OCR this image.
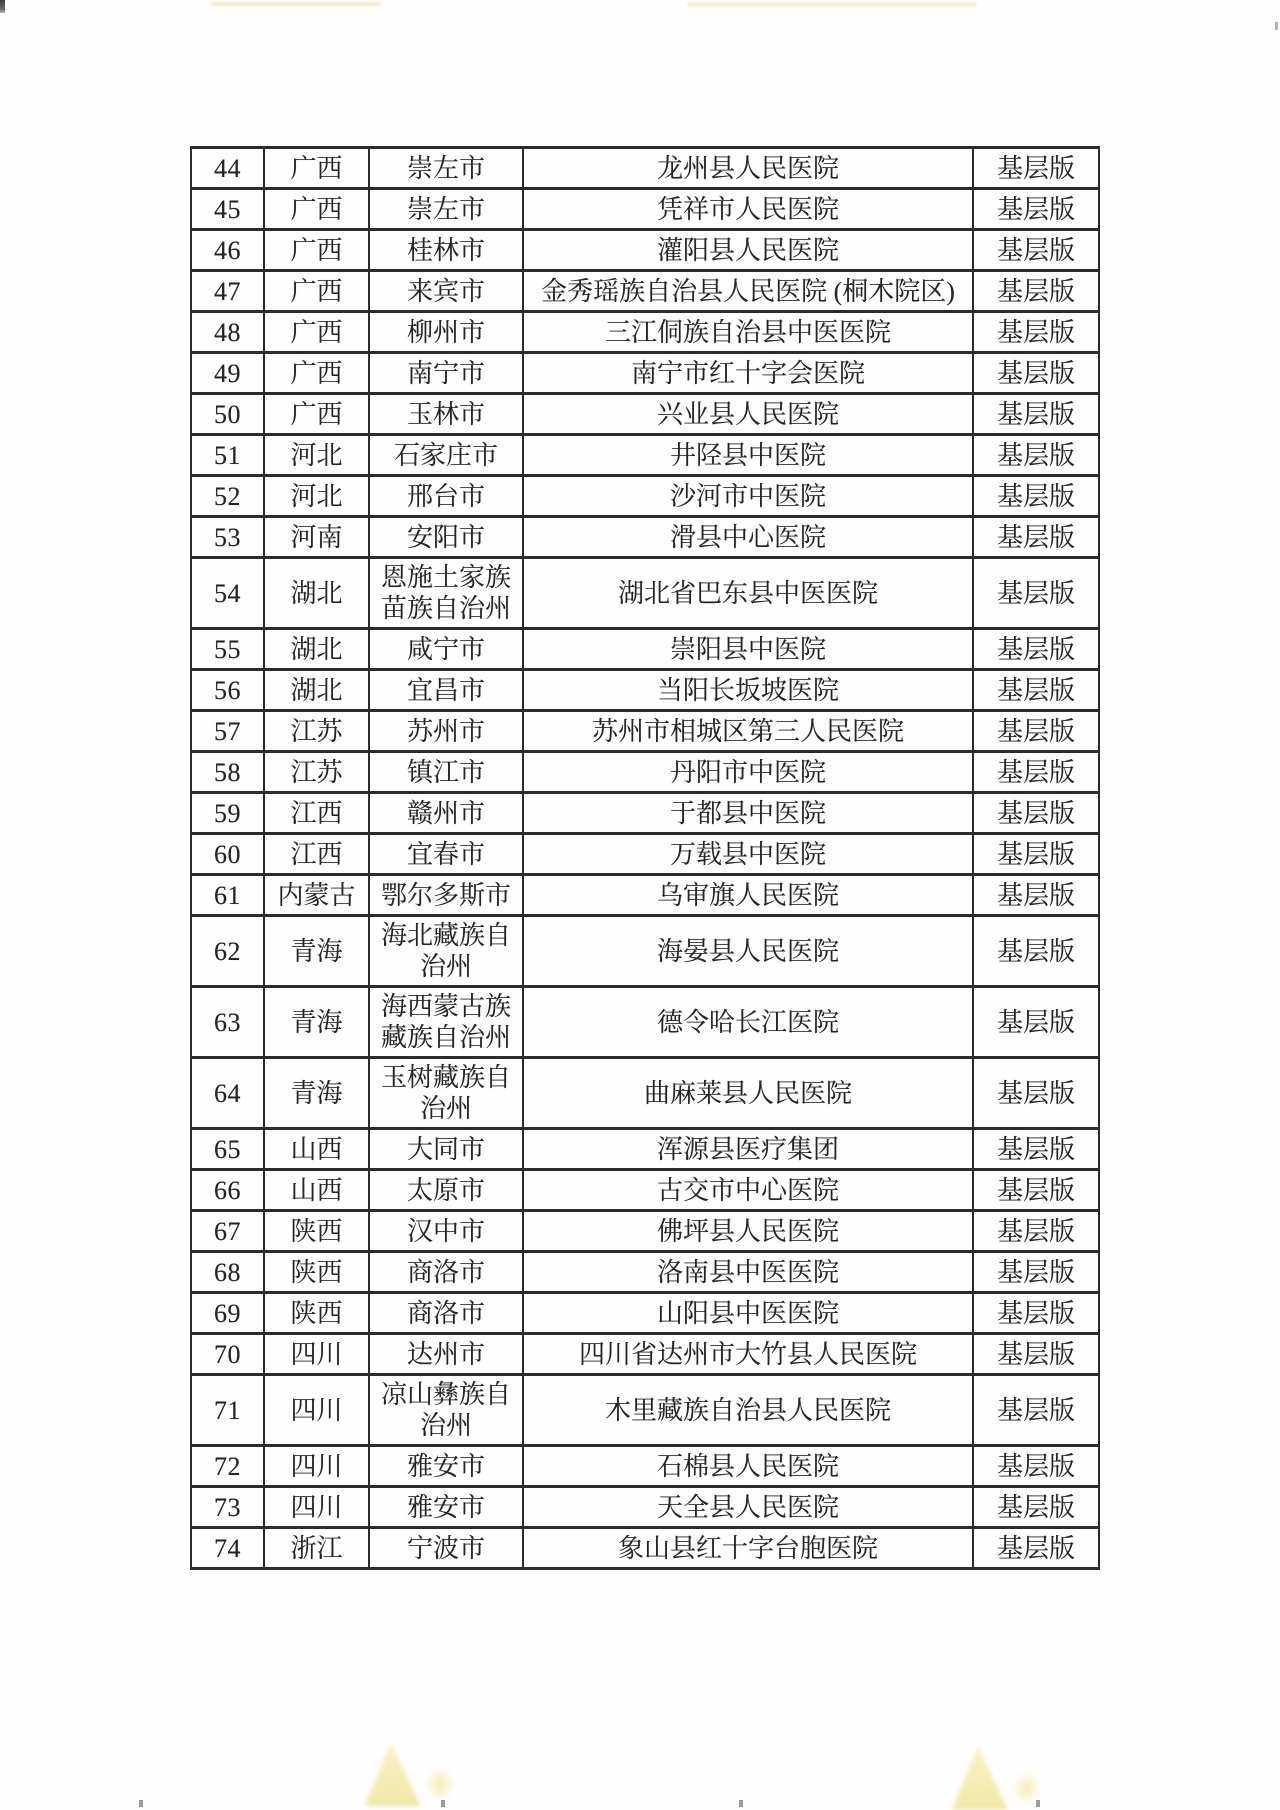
44	广西	崇左市	龙州县人民医院	基层版
45	广西	崇左市	凭祥市人民医院	基层版
46	广西	桂林市	灌阳县人民医院	基层版
47	广西	来宾市	金秀瑶族自治县人民医院 (桐木院区)	基层版
48	广西	柳州市	三江侗族自治县中医医院	基层版
49	广西	南宁市	南宁市红十字会医院	基层版
50	广西	玉林市	兴业县人民医院	基层版
51	河北	石家庄市	井陉县中医院	基层版
52	河北	邢台市	沙河市中医院	基层版
53	河南	安阳市	滑县中心医院	基层版
54	湖北	恩施土家族苗族自治州	湖北省巴东县中医医院	基层版
55	湖北	咸宁市	崇阳县中医院	基层版
56	湖北	宜昌市	当阳长坂坡医院	基层版
57	江苏	苏州市	苏州市相城区第三人民医院	基层版
58	江苏	镇江市	丹阳市中医院	基层版
59	江西	赣州市	于都县中医院	基层版
60	江西	宜春市	万载县中医院	基层版
61	内蒙古	鄂尔多斯市	乌审旗人民医院	基层版
62	青海	海北藏族自治州	海晏县人民医院	基层版
63	青海	海西蒙古族藏族自治州	德令哈长江医院	基层版
64	青海	玉树藏族自治州	曲麻莱县人民医院	基层版
65	山西	大同市	浑源县医疗集团	基层版
66	山西	太原市	古交市中心医院	基层版
67	陕西	汉中市	佛坪县人民医院	基层版
68	陕西	商洛市	洛南县中医医院	基层版
69	陕西	商洛市	山阳县中医医院	基层版
70	四川	达州市	四川省达州市大竹县人民医院	基层版
71	四川	凉山彝族自治州	木里藏族自治县人民医院	基层版
72	四川	雅安市	石棉县人民医院	基层版
73	四川	雅安市	天全县人民医院	基层版
74	浙江	宁波市	象山县红十字台胞医院	基层版
